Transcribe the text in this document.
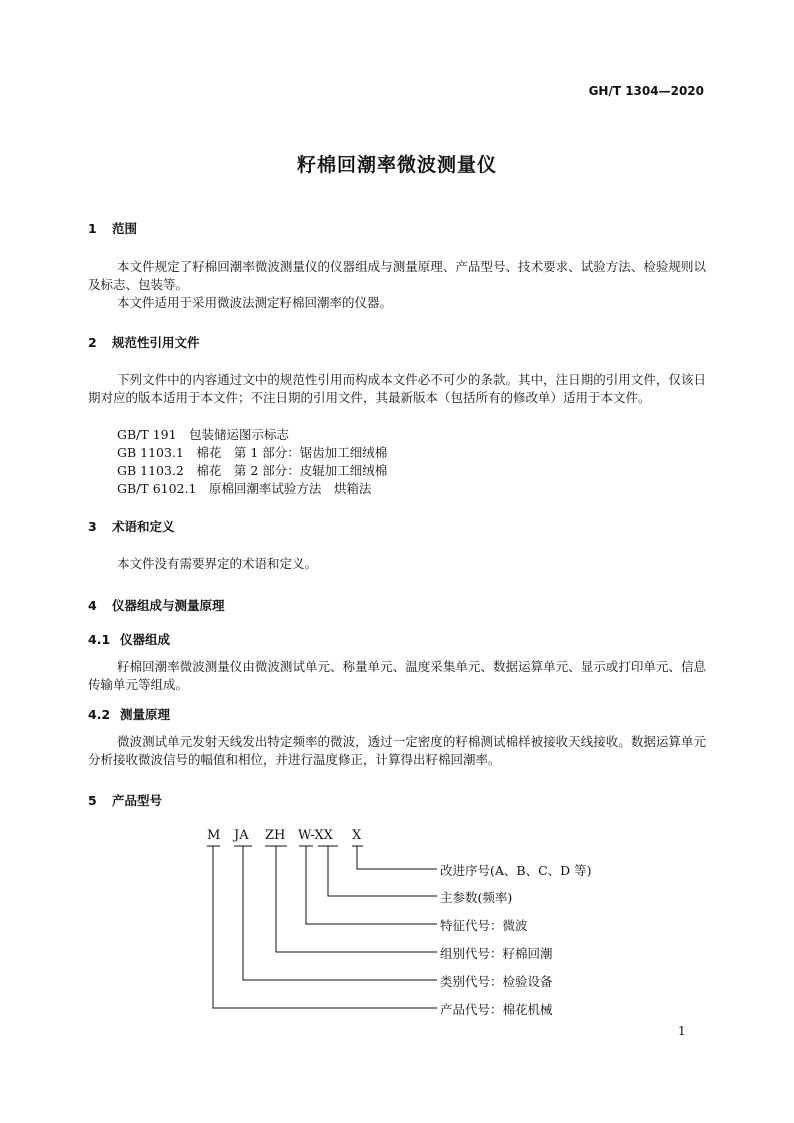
GH/T 1304—2020
籽棉回潮率微波测量仪
1 范围
本文件规定了籽棉回潮率微波测量仪的仪器组成与测量原理、产品型号、技术要求、试验方法、检验规则以及标志、包装等。
本文件适用于采用微波法测定籽棉回潮率的仪器。
2 规范性引用文件
下列文件中的内容通过文中的规范性引用而构成本文件必不可少的条款。其中，注日期的引用文件，仅该日期对应的版本适用于本文件；不注日期的引用文件，其最新版本（包括所有的修改单）适用于本文件。
GB/T 191　包装储运图示标志
GB 1103.1　棉花　第 1 部分：锯齿加工细绒棉
GB 1103.2　棉花　第 2 部分：皮辊加工细绒棉
GB/T 6102.1　原棉回潮率试验方法　烘箱法
3 术语和定义
本文件没有需要界定的术语和定义。
4 仪器组成与测量原理
4.1 仪器组成
籽棉回潮率微波测量仪由微波测试单元、称量单元、温度采集单元、数据运算单元、显示或打印单元、信息传输单元等组成。
4.2 测量原理
微波测试单元发射天线发出特定频率的微波，透过一定密度的籽棉测试棉样被接收天线接收。数据运算单元分析接收微波信号的幅值和相位，并进行温度修正，计算得出籽棉回潮率。
5 产品型号
M JA ZH W-XX X
改进序号(A、B、C、D 等)
主参数(频率)
特征代号：微波
组别代号：籽棉回潮
类别代号：检验设备
产品代号：棉花机械
1
